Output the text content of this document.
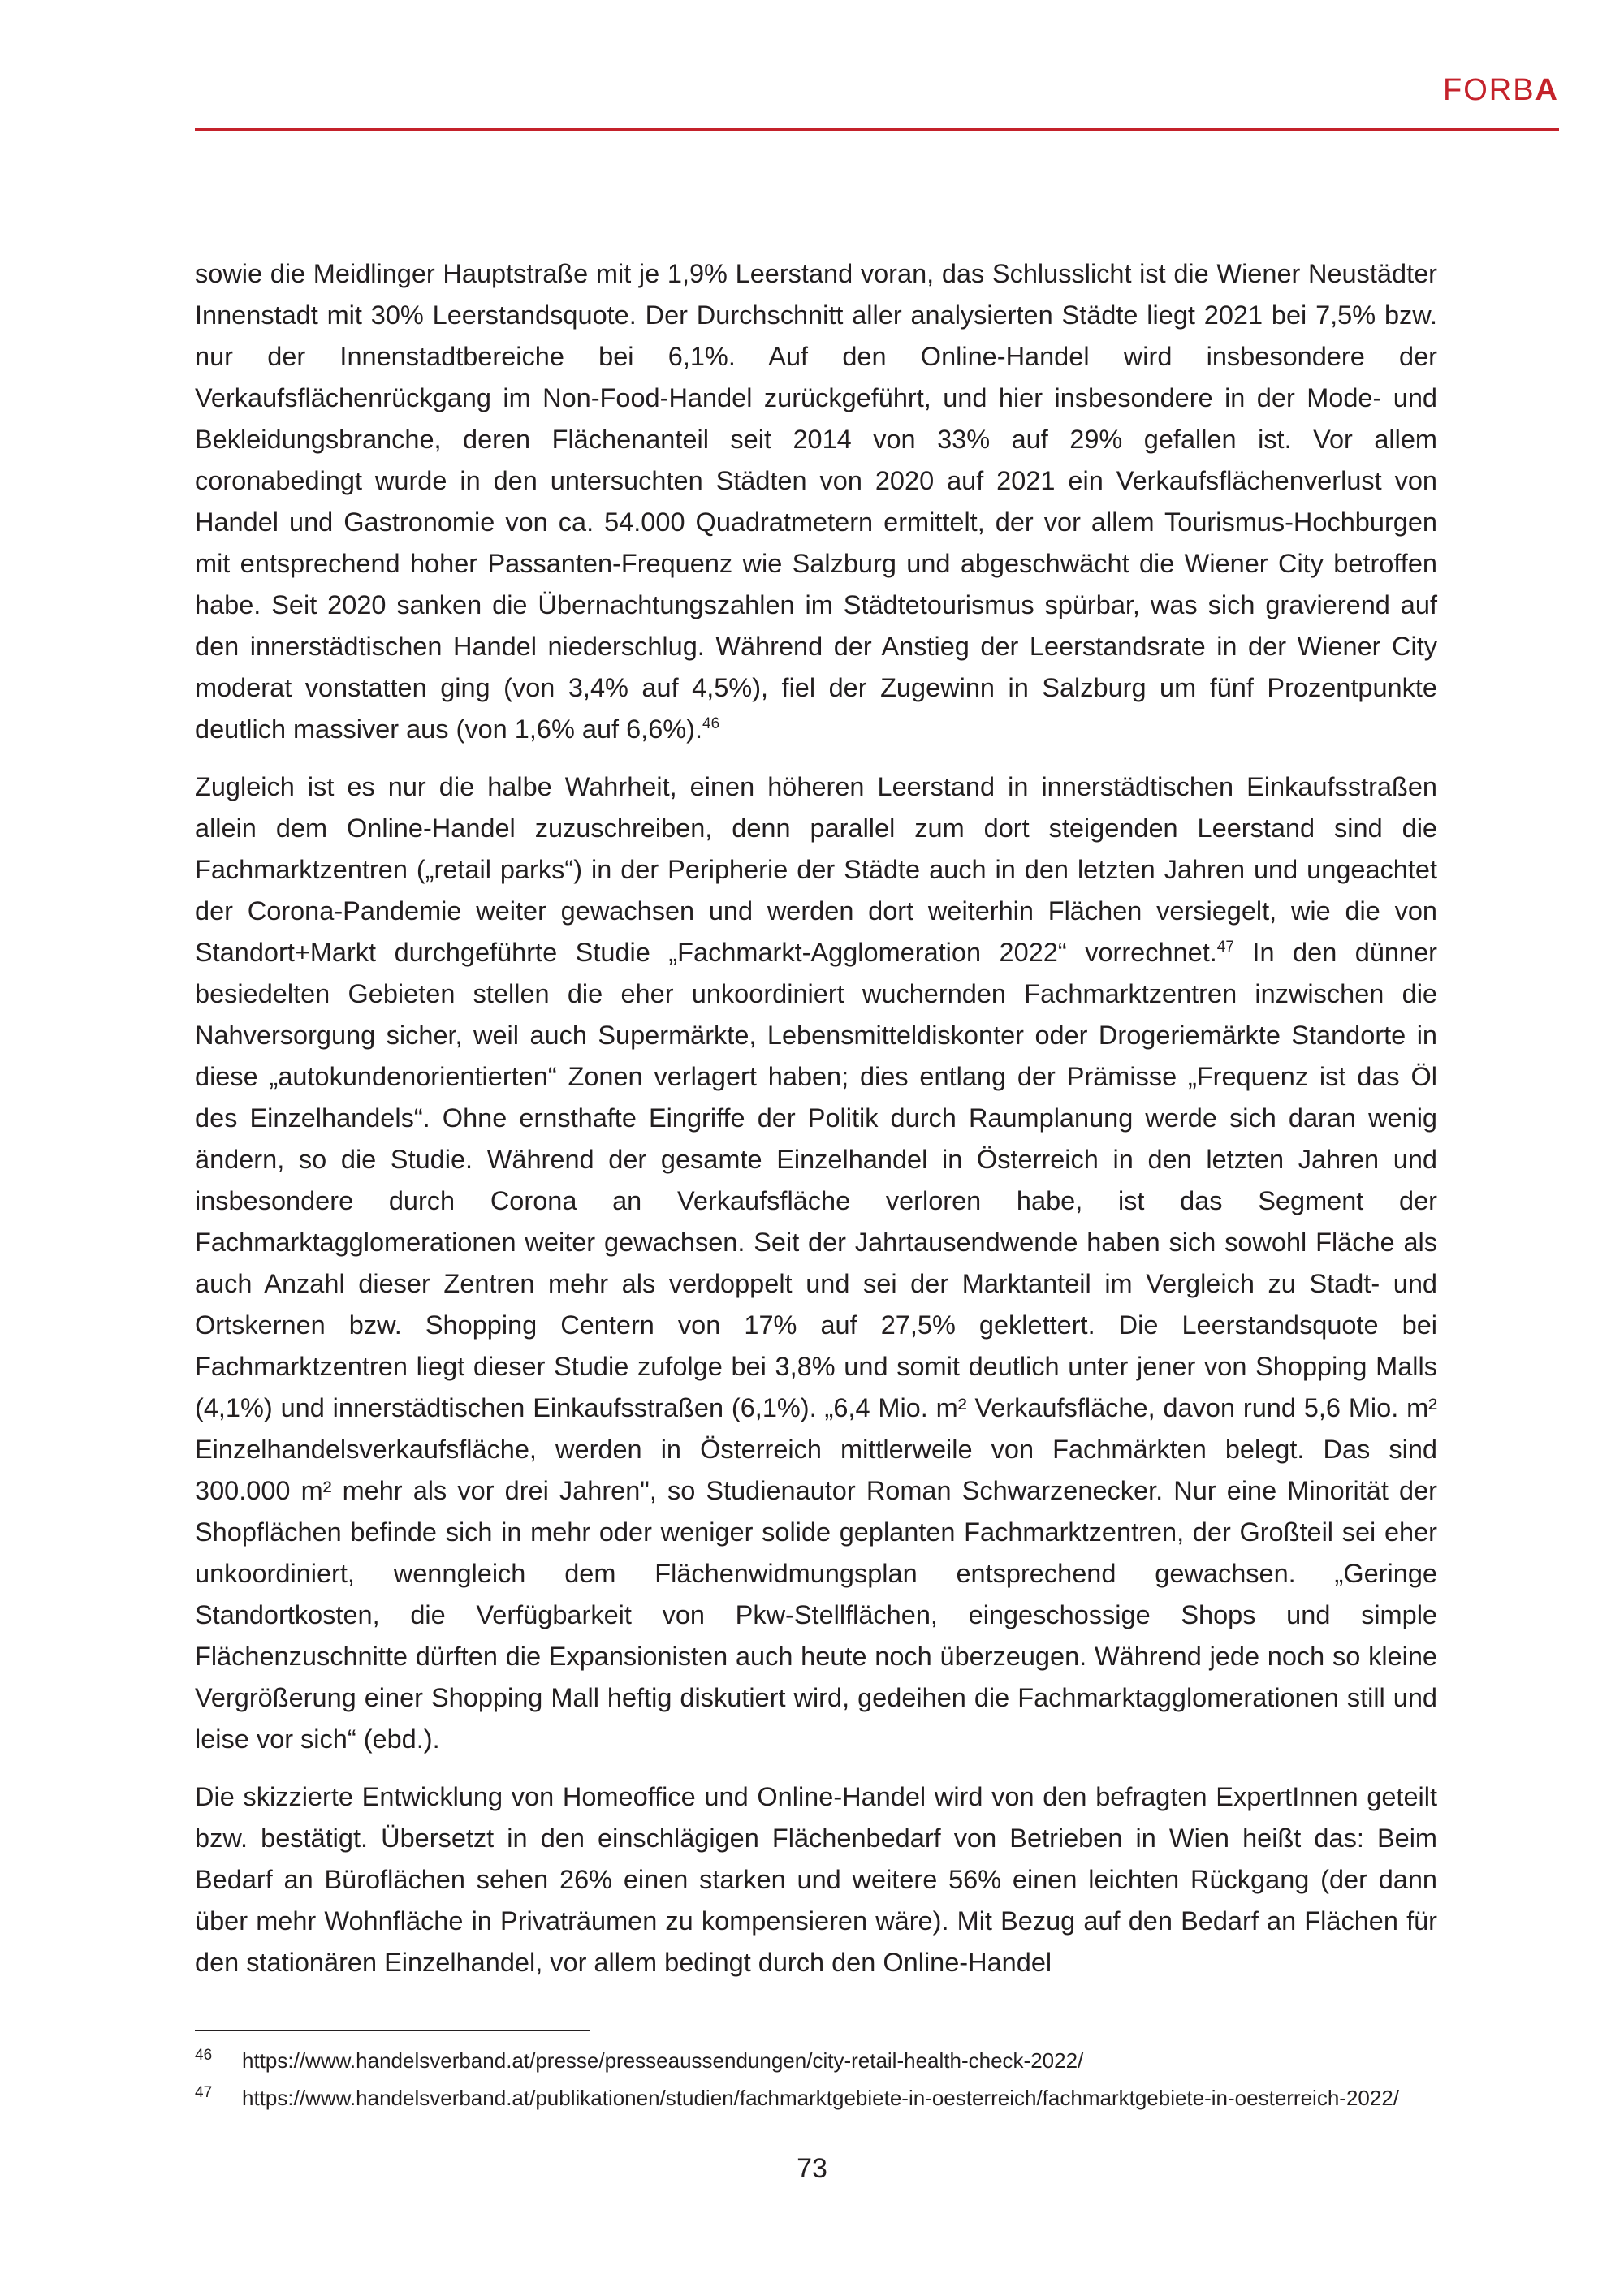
FORBA

sowie die Meidlinger Hauptstraße mit je 1,9% Leerstand voran, das Schlusslicht ist die Wiener Neustädter Innenstadt mit 30% Leerstandsquote. Der Durchschnitt aller analysierten Städte liegt 2021 bei 7,5% bzw. nur der Innenstadtbereiche bei 6,1%. Auf den Online-Handel wird insbesondere der Verkaufsflächenrückgang im Non-Food-Handel zurückgeführt, und hier insbesondere in der Mode- und Bekleidungsbranche, deren Flächenanteil seit 2014 von 33% auf 29% gefallen ist. Vor allem coronabedingt wurde in den untersuchten Städten von 2020 auf 2021 ein Verkaufsflächenverlust von Handel und Gastronomie von ca. 54.000 Quadratmetern ermittelt, der vor allem Tourismus-Hochburgen mit entsprechend hoher Passanten-Frequenz wie Salzburg und abgeschwächt die Wiener City betroffen habe. Seit 2020 sanken die Übernachtungszahlen im Städtetourismus spürbar, was sich gravierend auf den innerstädtischen Handel niederschlug. Während der Anstieg der Leerstandsrate in der Wiener City moderat vonstatten ging (von 3,4% auf 4,5%), fiel der Zugewinn in Salzburg um fünf Prozentpunkte deutlich massiver aus (von 1,6% auf 6,6%).$^{46}$

Zugleich ist es nur die halbe Wahrheit, einen höheren Leerstand in innerstädtischen Einkaufsstraßen allein dem Online-Handel zuzuschreiben, denn parallel zum dort steigenden Leerstand sind die Fachmarktzentren („retail parks“) in der Peripherie der Städte auch in den letzten Jahren und ungeachtet der Corona-Pandemie weiter gewachsen und werden dort weiterhin Flächen versiegelt, wie die von Standort+Markt durchgeführte Studie „Fachmarkt-Agglomeration 2022“ vorrechnet.$^{47}$ In den dünner besiedelten Gebieten stellen die eher unkoordiniert wuchernden Fachmarktzentren inzwischen die Nahversorgung sicher, weil auch Supermärkte, Lebensmitteldiskonter oder Drogeriemärkte Standorte in diese „autokundenorientierten“ Zonen verlagert haben; dies entlang der Prämisse „Frequenz ist das Öl des Einzelhandels“. Ohne ernsthafte Eingriffe der Politik durch Raumplanung werde sich daran wenig ändern, so die Studie. Während der gesamte Einzelhandel in Österreich in den letzten Jahren und insbesondere durch Corona an Verkaufsfläche verloren habe, ist das Segment der Fachmarktagglomerationen weiter gewachsen. Seit der Jahrtausendwende haben sich sowohl Fläche als auch Anzahl dieser Zentren mehr als verdoppelt und sei der Marktanteil im Vergleich zu Stadt- und Ortskernen bzw. Shopping Centern von 17% auf 27,5% geklettert. Die Leerstandsquote bei Fachmarktzentren liegt dieser Studie zufolge bei 3,8% und somit deutlich unter jener von Shopping Malls (4,1%) und innerstädtischen Einkaufsstraßen (6,1%). „6,4 Mio. m² Verkaufsfläche, davon rund 5,6 Mio. m² Einzelhandelsverkaufsfläche, werden in Österreich mittlerweile von Fachmärkten belegt. Das sind 300.000 m² mehr als vor drei Jahren", so Studienautor Roman Schwarzenecker. Nur eine Minorität der Shopflächen befinde sich in mehr oder weniger solide geplanten Fachmarktzentren, der Großteil sei eher unkoordiniert, wenngleich dem Flächenwidmungsplan entsprechend gewachsen. „Geringe Standortkosten, die Verfügbarkeit von Pkw-Stellflächen, eingeschossige Shops und simple Flächenzuschnitte dürften die Expansionisten auch heute noch überzeugen. Während jede noch so kleine Vergrößerung einer Shopping Mall heftig diskutiert wird, gedeihen die Fachmarktagglomerationen still und leise vor sich“ (ebd.).

Die skizzierte Entwicklung von Homeoffice und Online-Handel wird von den befragten ExpertInnen geteilt bzw. bestätigt. Übersetzt in den einschlägigen Flächenbedarf von Betrieben in Wien heißt das: Beim Bedarf an Büroflächen sehen 26% einen starken und weitere 56% einen leichten Rückgang (der dann über mehr Wohnfläche in Privaträumen zu kompensieren wäre). Mit Bezug auf den Bedarf an Flächen für den stationären Einzelhandel, vor allem bedingt durch den Online-Handel

46 https://www.handelsverband.at/presse/presseaussendungen/city-retail-health-check-2022/
47 https://www.handelsverband.at/publikationen/studien/fachmarktgebiete-in-oesterreich/fachmarktgebiete-in-oesterreich-2022/
73
